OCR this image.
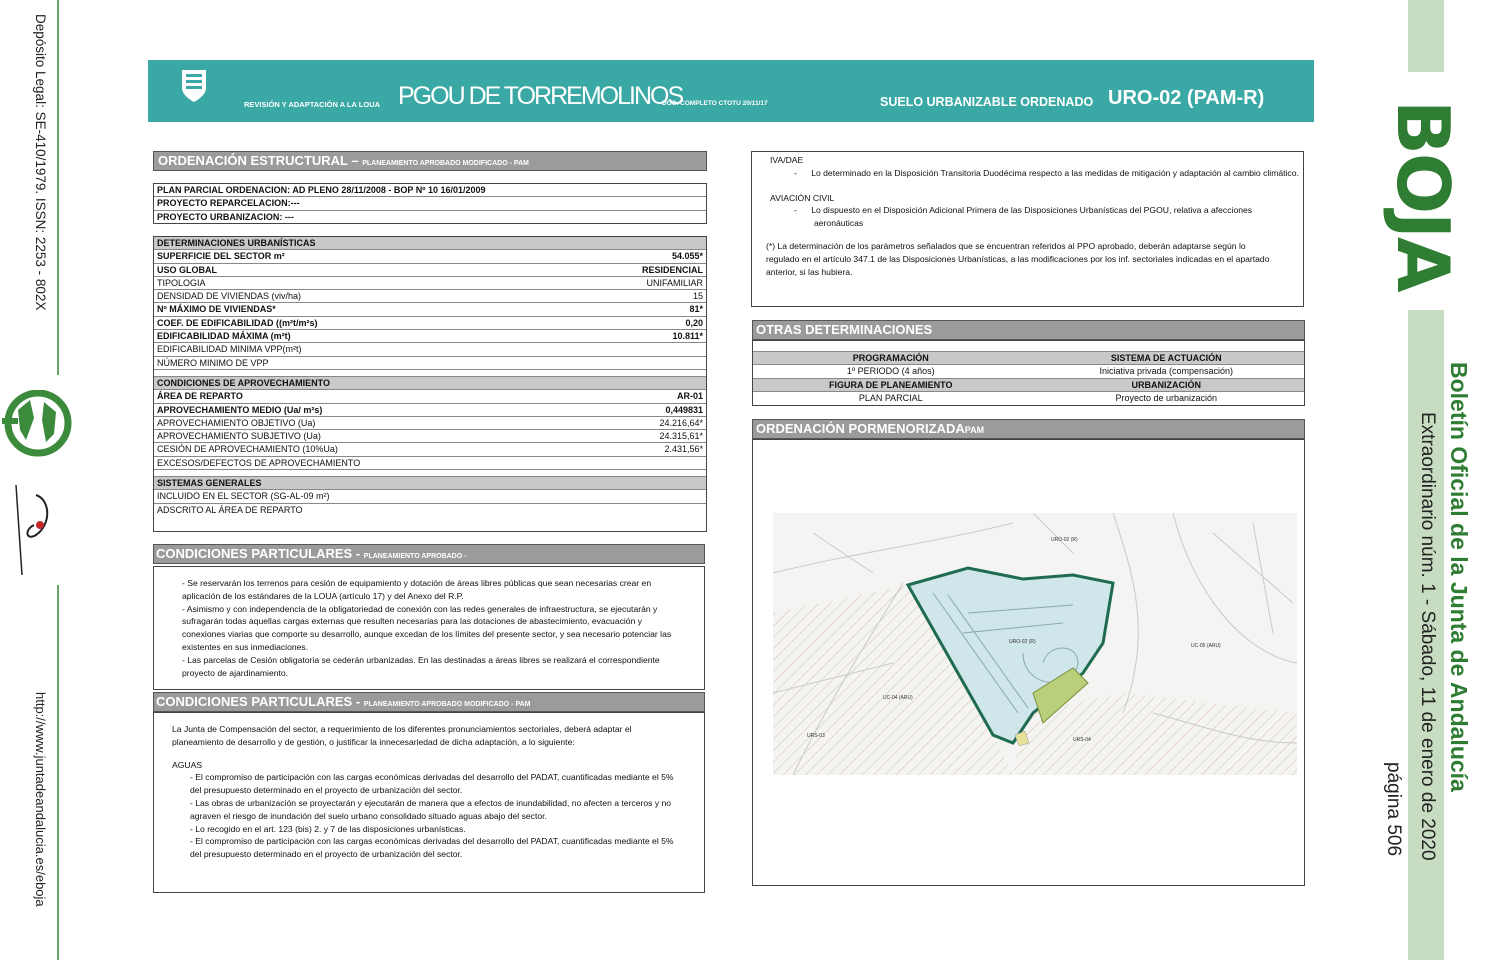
Depósito Legal: SE-410/1979. ISSN: 2253 - 802X
http://www.juntadeandalucia.es/eboja
BOJA
Boletín Oficial de la Junta de Andalucía
Extraordinario núm. 1 - Sábado, 11 de enero de 2020
página 506
REVISIÓN Y ADAPTACIÓN A LA LOUA PGOU DE TORREMOLINOS
DOC. COMPLETO CTOTU 20/11/17	SUELO URBANIZABLE ORDENADO URO-02 (PAM-R)
ORDENACIÓN ESTRUCTURAL – PLANEAMIENTO APROBADO MODIFICADO - PAM
PLAN PARCIAL ORDENACION: AD PLENO 28/11/2008 - BOP Nº 10 16/01/2009
PROYECTO REPARCELACION:---
PROYECTO URBANIZACION: ---
DETERMINACIONES URBANÍSTICAS
SUPERFICIE DEL SECTOR m²	54.055*
USO GLOBAL	RESIDENCIAL
TIPOLOGIA	UNIFAMILIAR
DENSIDAD DE VIVIENDAS (viv/ha)	15
Nº MÁXIMO DE VIVIENDAS*	81*
COEF. DE EDIFICABILIDAD ((m²t/m²s)	0,20
EDIFICABILIDAD MÁXIMA (m²t)	10.811*
EDIFICABILIDAD MINIMA VPP(m²t)
NÚMERO MINIMO DE VPP
CONDICIONES DE APROVECHAMIENTO
ÁREA DE REPARTO	AR-01
APROVECHAMIENTO MEDIO (Ua/ m²s)	0,449831
APROVECHAMIENTO OBJETIVO (Ua)	24.216,64*
APROVECHAMIENTO SUBJETIVO (Ua)	24.315,61*
CESIÓN DE APROVECHAMIENTO (10%Ua)	2.431,56*
EXCESOS/DEFECTOS DE APROVECHAMIENTO
SISTEMAS GENERALES
INCLUIDO EN EL SECTOR (SG-AL-09 m²)
ADSCRITO AL ÁREA DE REPARTO
CONDICIONES PARTICULARES - PLANEAMIENTO APROBADO -

- Se reservarán los terrenos para cesión de equipamiento y dotación de áreas libres públicas que sean necesarias crear en aplicación de los estándares de la LOUA (artículo 17) y del Anexo del R.P.

- Asimismo y con independencia de la obligatoriedad de conexión con las redes generales de infraestructura, se ejecutarán y sufragarán todas aquellas cargas externas que resulten necesarias para las dotaciones de abastecimiento, evacuación y conexiones viarias que comporte su desarrollo, aunque excedan de los límites del presente sector, y sea necesario potenciar las existentes en sus inmediaciones.

- Las parcelas de Cesión obligatoria se cederán urbanizadas. En las destinadas a áreas libres se realizará el correspondiente proyecto de ajardinamiento.

CONDICIONES PARTICULARES - PLANEAMIENTO APROBADO MODIFICADO - PAM

La Junta de Compensación del sector, a requerimiento de los diferentes pronunciamientos sectoriales, deberá adaptar el planeamiento de desarrollo y de gestión, o justificar la innecesariedad de dicha adaptación, a lo siguiente:

AGUAS

- El compromiso de participación con las cargas económicas derivadas del desarrollo del PADAT, cuantificadas mediante el 5% del presupuesto determinado en el proyecto de urbanización del sector.

- Las obras de urbanización se proyectarán y ejecutarán de manera que a efectos de inundabilidad, no afecten a terceros y no agraven el riesgo de inundación del suelo urbano consolidado situado aguas abajo del sector.

- Lo recogido en el art. 123 (bis) 2. y 7 de las disposiciones urbanísticas.

- El compromiso de participación con las cargas económicas derivadas del desarrollo del PADAT, cuantificadas mediante el 5% del presupuesto determinado en el proyecto de urbanización del sector.

IVA/DAE

-      Lo determinado en la Disposición Transitoria Duodécima respecto a las medidas de mitigación y adaptación al cambio climático.

AVIACIÓN CIVIL

-      Lo dispuesto en el Disposición Adicional Primera de las Disposiciones Urbanísticas del PGOU, relativa a afecciones aeronáuticas

(*) La determinación de los parámetros señalados que se encuentran referidos al PPO aprobado, deberán adaptarse según lo regulado en el artículo 347.1 de las Disposiciones Urbanísticas, a las modificaciones por los inf. sectoriales indicadas en el apartado anterior, si las hubiera.

OTRAS DETERMINACIONES
PROGRAMACIÓN	SISTEMA DE ACTUACIÓN
1º PERIODO (4 años)	Iniciativa privada (compensación)
FIGURA DE PLANEAMIENTO	URBANIZACIÓN
PLAN PARCIAL	Proyecto de urbanización
ORDENACIÓN PORMENORIZADAPAM
URO-02 (R)
URO-02 (R)
UC-05 (ARU)
UC-04 (ARU)
URS-04
URS-03
